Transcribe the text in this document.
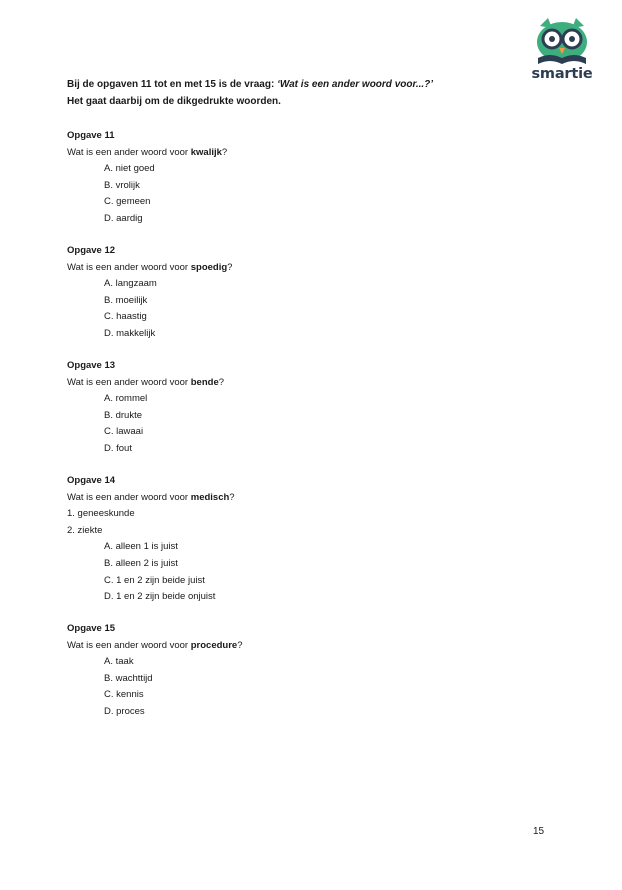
smartie
Bij de opgaven 11 tot en met 15 is de vraag: ‘Wat is een ander woord voor...?’
Het gaat daarbij om de dikgedrukte woorden.
Opgave 11
Wat is een ander woord voor kwalijk?
A. niet goed
B. vrolijk
C. gemeen
D. aardig
Opgave 12
Wat is een ander woord voor spoedig?
A. langzaam
B. moeilijk
C. haastig
D. makkelijk
Opgave 13
Wat is een ander woord voor bende?
A. rommel
B. drukte
C. lawaai
D. fout
Opgave 14
Wat is een ander woord voor medisch?
1. geneeskunde
2. ziekte
A. alleen 1 is juist
B. alleen 2 is juist
C. 1 en 2 zijn beide juist
D. 1 en 2 zijn beide onjuist
Opgave 15
Wat is een ander woord voor procedure?
A. taak
B. wachttijd
C. kennis
D. proces
15
